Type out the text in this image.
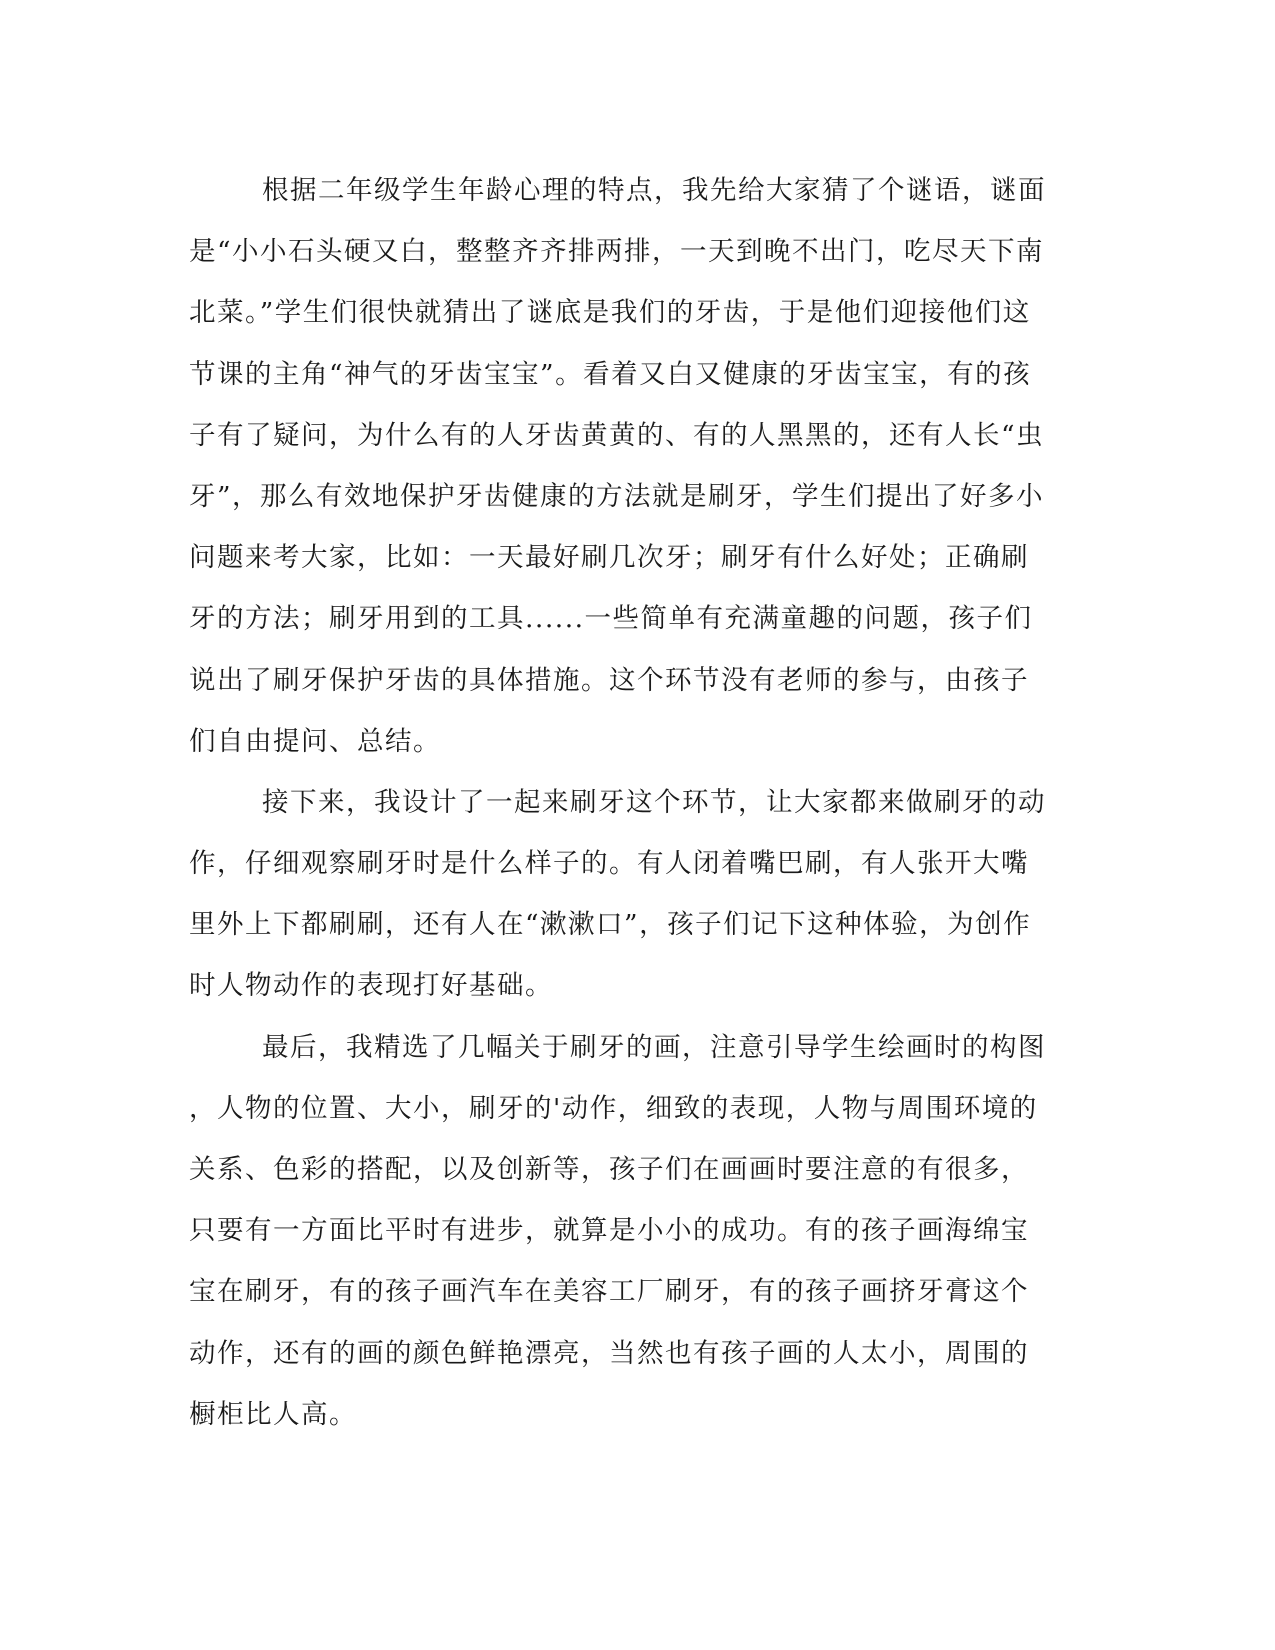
根据二年级学生年龄心理的特点，我先给大家猜了个谜语，谜面
是“小小石头硬又白，整整齐齐排两排，一天到晚不出门，吃尽天下南
北菜。”学生们很快就猜出了谜底是我们的牙齿，于是他们迎接他们这
节课的主角“神气的牙齿宝宝”。看着又白又健康的牙齿宝宝，有的孩
子有了疑问，为什么有的人牙齿黄黄的、有的人黑黑的，还有人长“虫
牙”，那么有效地保护牙齿健康的方法就是刷牙，学生们提出了好多小
问题来考大家，比如：一天最好刷几次牙；刷牙有什么好处；正确刷
牙的方法；刷牙用到的工具......一些简单有充满童趣的问题，孩子们
说出了刷牙保护牙齿的具体措施。这个环节没有老师的参与，由孩子
们自由提问、总结。
接下来，我设计了一起来刷牙这个环节，让大家都来做刷牙的动
作，仔细观察刷牙时是什么样子的。有人闭着嘴巴刷，有人张开大嘴
里外上下都刷刷，还有人在“漱漱口”，孩子们记下这种体验，为创作
时人物动作的表现打好基础。
最后，我精选了几幅关于刷牙的画，注意引导学生绘画时的构图
，人物的位置、大小，刷牙的'动作，细致的表现，人物与周围环境的
关系、色彩的搭配，以及创新等，孩子们在画画时要注意的有很多，
只要有一方面比平时有进步，就算是小小的成功。有的孩子画海绵宝
宝在刷牙，有的孩子画汽车在美容工厂刷牙，有的孩子画挤牙膏这个
动作，还有的画的颜色鲜艳漂亮，当然也有孩子画的人太小，周围的
橱柜比人高。
